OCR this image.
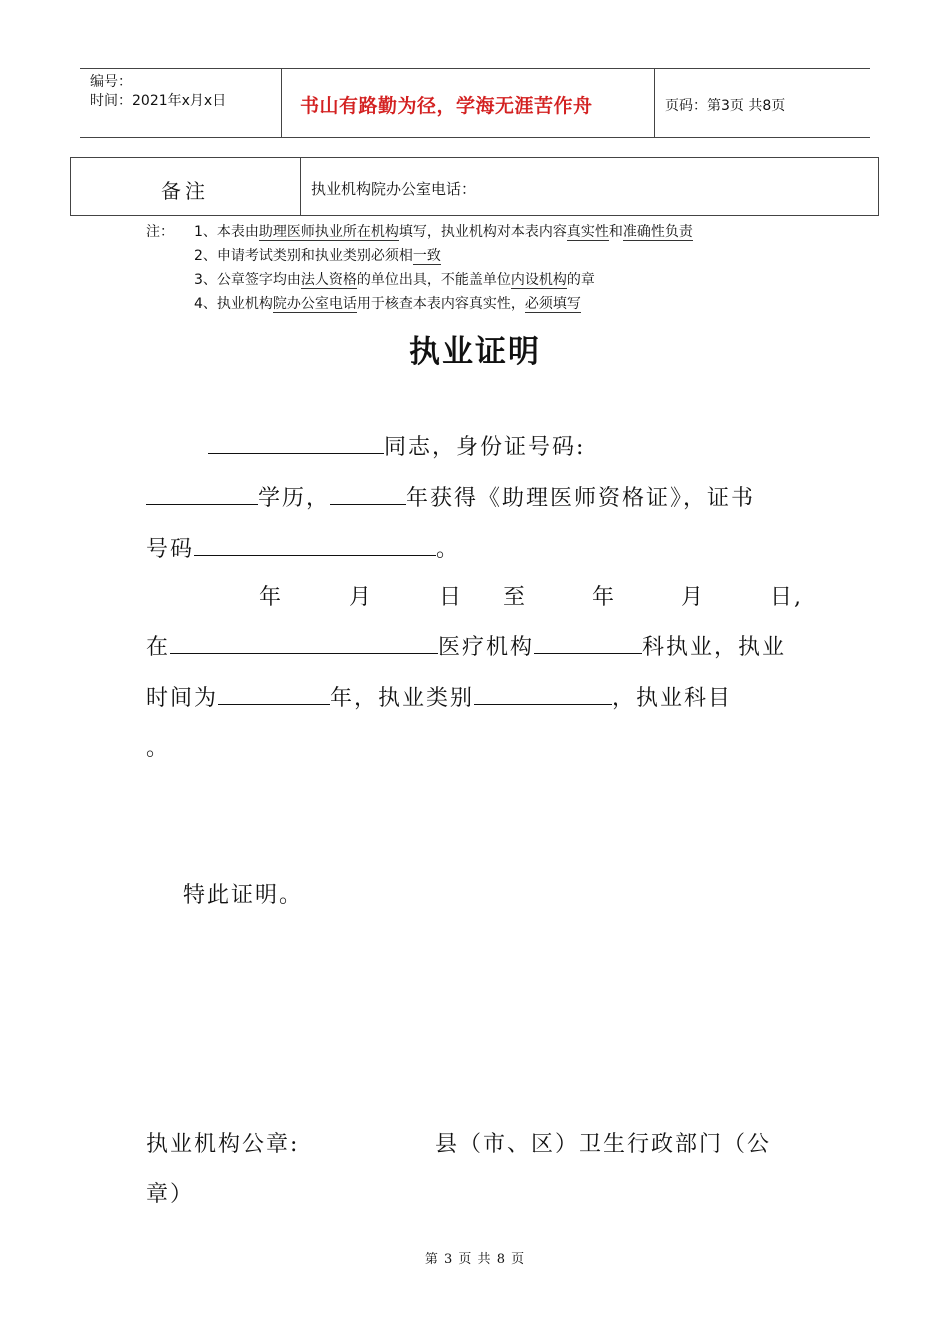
编号：
时间：2021年x月x日	书山有路勤为径，学海无涯苦作舟	页码：第3页 共8页
备注	执业机构院办公室电话：
注： 1、本表由助理医师执业所在机构填写，执业机构对本表内容真实性和准确性负责
2、申请考试类别和执业类别必须相一致
3、公章签字均由法人资格的单位出具，不能盖单位内设机构的章
4、执业机构院办公室电话用于核查本表内容真实性，必须填写
执业证明
同志，身份证号码:
学历，	年获得《助理医师资格证》，证书
号码	。
年	月	日 至	年	月	日,
在	医疗机构	科执业，执业
时间为	年，执业类别	，执业科目
。
特此证明。
执业机构公章:	县（市、区）卫生行政部门（公
章）
第 3 页 共 8 页
